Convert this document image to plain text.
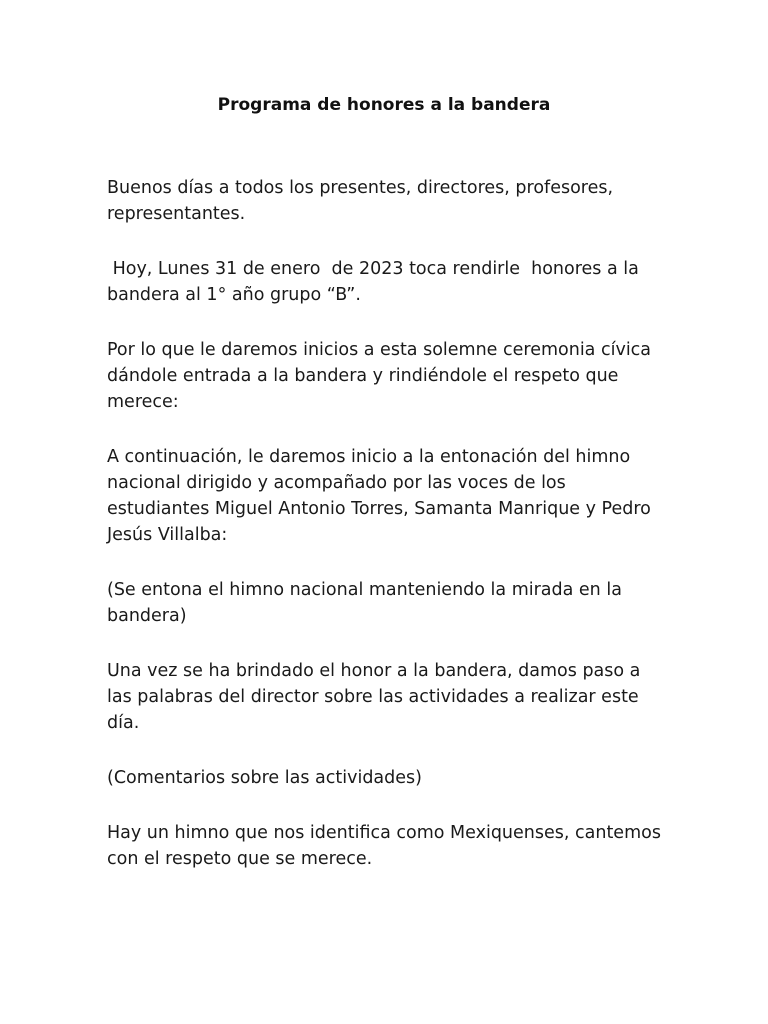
Programa de honores a la bandera

Buenos días a todos los presentes, directores, profesores, representantes.

Hoy, Lunes 31 de enero  de 2023 toca rendirle  honores a la bandera al 1° año grupo “B”.

Por lo que le daremos inicios a esta solemne ceremonia cívica dándole entrada a la bandera y rindiéndole el respeto que merece:

A continuación, le daremos inicio a la entonación del himno nacional dirigido y acompañado por las voces de los estudiantes Miguel Antonio Torres, Samanta Manrique y Pedro Jesús Villalba:

(Se entona el himno nacional manteniendo la mirada en la bandera)

Una vez se ha brindado el honor a la bandera, damos paso a las palabras del director sobre las actividades a realizar este día.

(Comentarios sobre las actividades)

Hay un himno que nos identifica como Mexiquenses, cantemos con el respeto que se merece.
